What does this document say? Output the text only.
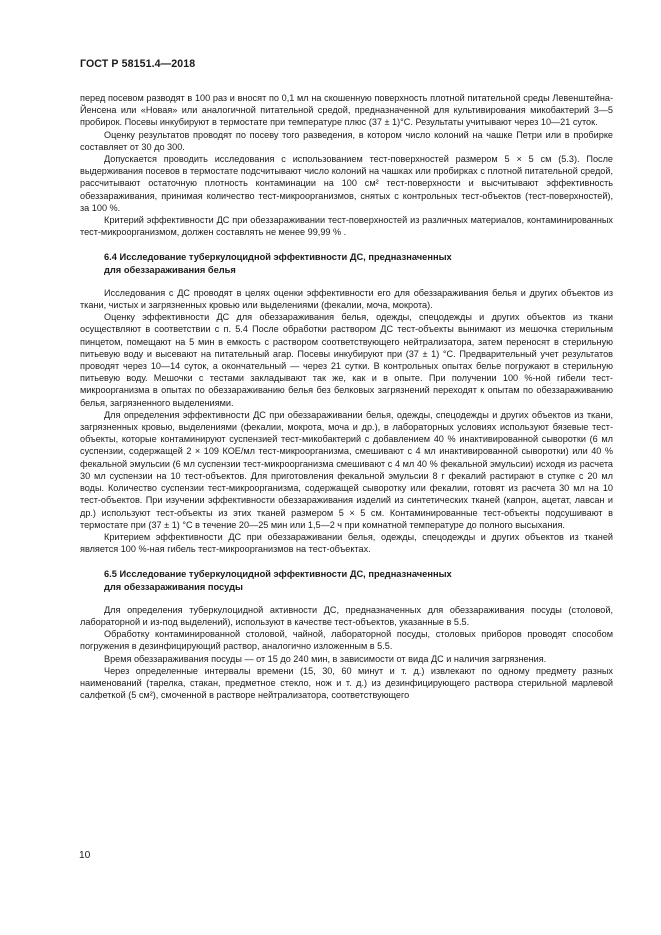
ГОСТ Р 58151.4—2018

перед посевом разводят в 100 раз и вносят по 0,1 мл на скошенную поверхность плотной питательной среды Левенштейна-Йенсена или «Новая» или аналогичной питательной средой, предназначенной для культивирования микобактерий 3—5 пробирок. Посевы инкубируют в термостате при температуре плюс (37 ± 1)°С. Результаты учитывают через 10—21 суток.

Оценку результатов проводят по посеву того разведения, в котором число колоний на чашке Петри или в пробирке составляет от 30 до 300.

Допускается проводить исследования с использованием тест-поверхностей размером 5 × 5 см (5.3). После выдерживания посевов в термостате подсчитывают число колоний на чашках или пробирках с плотной питательной средой, рассчитывают остаточную плотность контаминации на 100 см² тест-поверхности и высчитывают эффективность обеззараживания, принимая количество тест-микроорганизмов, снятых с контрольных тест-объектов (тест-поверхностей), за 100 %.

Критерий эффективности ДС при обеззараживании тест-поверхностей из различных материалов, контаминированных тест-микроорганизмом, должен составлять не менее 99,99 % .

6.4 Исследование туберкулоцидной эффективности ДС, предназначенных
для обеззараживания белья

Исследования с ДС проводят в целях оценки эффективности его для обеззараживания белья и других объектов из ткани, чистых и загрязненных кровью или выделениями (фекалии, моча, мокрота).

Оценку эффективности ДС для обеззараживания белья, одежды, спецодежды и других объектов из ткани осуществляют в соответствии с п. 5.4 После обработки раствором ДС тест-объекты вынимают из мешочка стерильным пинцетом, помещают на 5 мин в емкость с раствором соответствующего нейтрализатора, затем переносят в стерильную питьевую воду и высевают на питательный агар. Посевы инкубируют при (37 ± 1) °С. Предварительный учет результатов проводят через 10—14 суток, а окончательный — через 21 сутки. В контрольных опытах белье погружают в стерильную питьевую воду. Мешочки с тестами закладывают так же, как и в опыте. При получении 100 %-ной гибели тест-микроорганизма в опытах по обеззараживанию белья без белковых загрязнений переходят к опытам по обеззараживанию белья, загрязненного выделениями.

Для определения эффективности ДС при обеззараживании белья, одежды, спецодежды и других объектов из ткани, загрязненных кровью, выделениями (фекалии, мокрота, моча и др.), в лабораторных условиях используют бязевые тест-объекты, которые контаминируют суспензией тест-микобактерий с добавлением 40 % инактивированной сыворотки (6 мл суспензии, содержащей 2 × 109 КОЕ/мл тест-микроорганизма, смешивают с 4 мл инактивированной сыворотки) или 40 % фекальной эмульсии (6 мл суспензии тест-микроорганизма смешивают с 4 мл 40 % фекальной эмульсии) исходя из расчета 30 мл суспензии на 10 тест-объектов. Для приготовления фекальной эмульсии 8 г фекалий растирают в ступке с 20 мл воды. Количество суспензии тест-микроорганизма, содержащей сыворотку или фекалии, готовят из расчета 30 мл на 10 тест-объектов. При изучении эффективности обеззараживания изделий из синтетических тканей (капрон, ацетат, лавсан и др.) используют тест-объекты из этих тканей размером 5 × 5 см. Контаминированные тест-объекты подсушивают в термостате при (37 ± 1) °С в течение 20—25 мин или 1,5—2 ч при комнатной температуре до полного высыхания.

Критерием эффективности ДС при обеззараживании белья, одежды, спецодежды и других объектов из тканей является 100 %-ная гибель тест-микроорганизмов на тест-объектах.

6.5 Исследование туберкулоцидной эффективности ДС, предназначенных
для обеззараживания посуды

Для определения туберкулоцидной активности ДС, предназначенных для обеззараживания посуды (столовой, лабораторной и из-под выделений), используют в качестве тест-объектов, указанные в 5.5.

Обработку контаминированной столовой, чайной, лабораторной посуды, столовых приборов проводят способом погружения в дезинфицирующий раствор, аналогично изложенным в 5.5.

Время обеззараживания посуды — от 15 до 240 мин, в зависимости от вида ДС и наличия загрязнения.

Через определенные интервалы времени (15, 30, 60 минут и т. д.) извлекают по одному предмету разных наименований (тарелка, стакан, предметное стекло, нож и т. д.) из дезинфицирующего раствора стерильной марлевой салфеткой (5 см²), смоченной в растворе нейтрализатора, соответствующего

10
